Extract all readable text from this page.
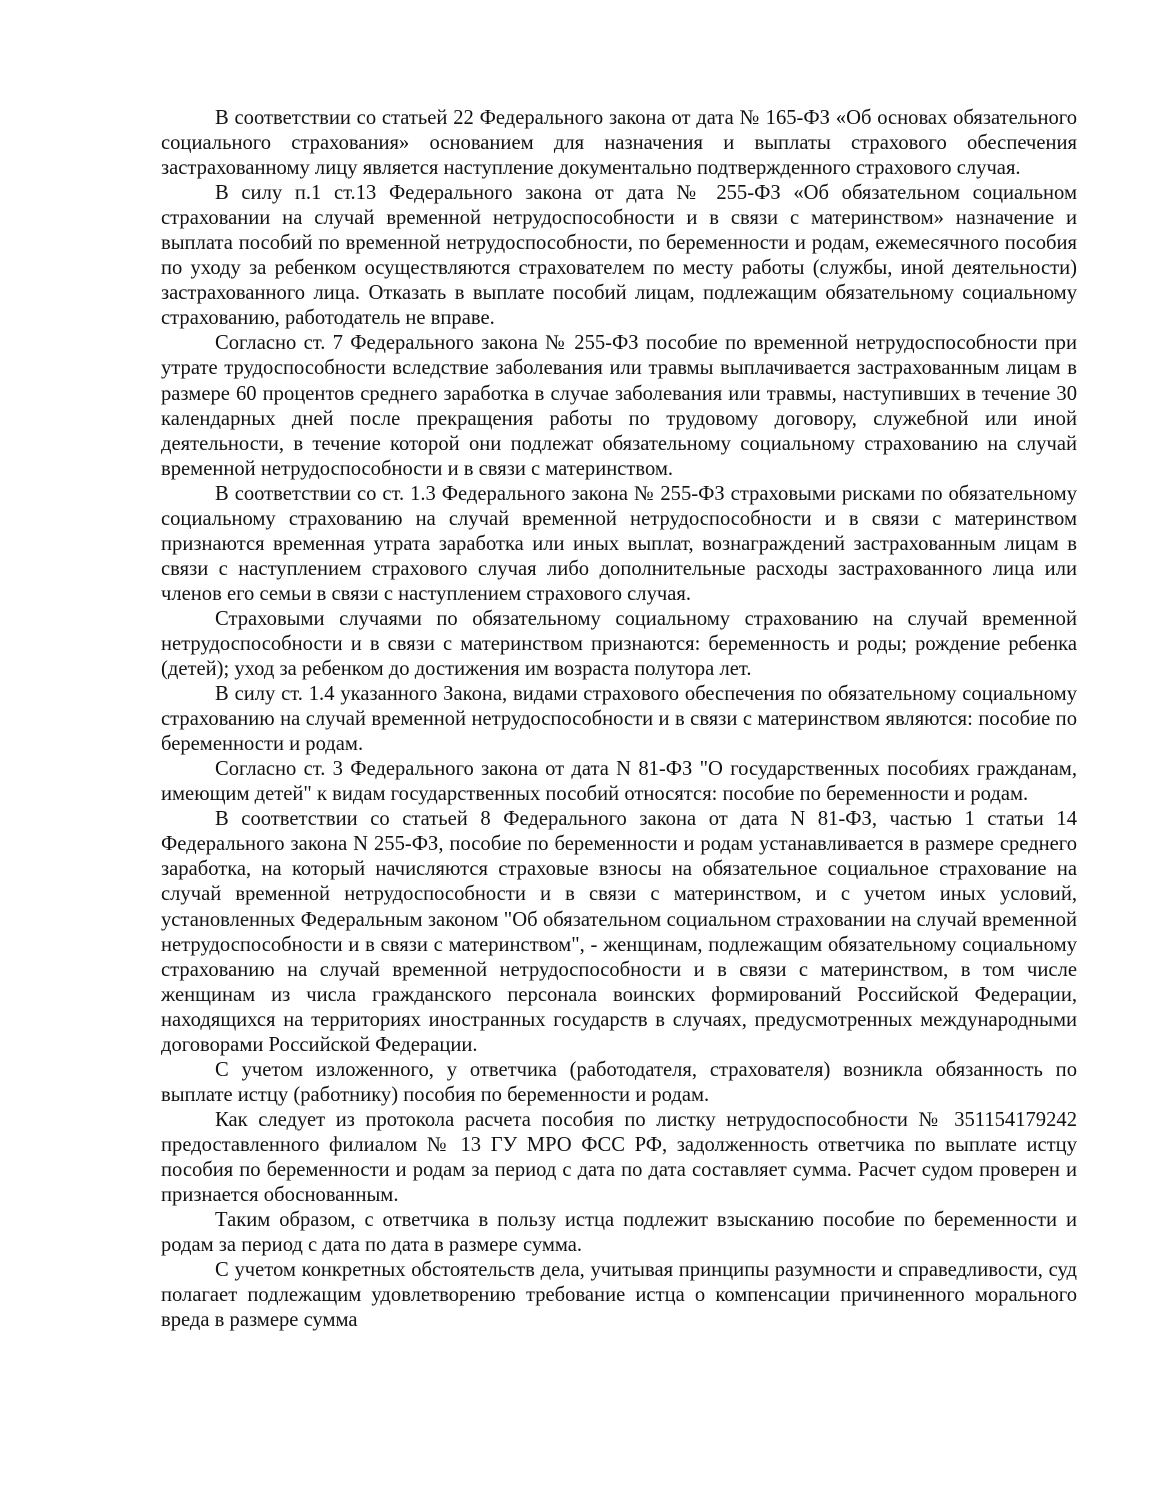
В соответствии со статьей 22 Федерального закона от дата № 165-ФЗ «Об основах обязательного социального страхования» основанием для назначения и выплаты страхового обеспечения застрахованному лицу является наступление документально подтвержденного страхового случая.

В силу п.1 ст.13 Федерального закона от дата № 255-ФЗ «Об обязательном социальном страховании на случай временной нетрудоспособности и в связи с материнством» назначение и выплата пособий по временной нетрудоспособности, по беременности и родам, ежемесячного пособия по уходу за ребенком осуществляются страхователем по месту работы (службы, иной деятельности) застрахованного лица. Отказать в выплате пособий лицам, подлежащим обязательному социальному страхованию, работодатель не вправе.

Согласно ст. 7 Федерального закона № 255-ФЗ пособие по временной нетрудоспособности при утрате трудоспособности вследствие заболевания или травмы выплачивается застрахованным лицам в размере 60 процентов среднего заработка в случае заболевания или травмы, наступивших в течение 30 календарных дней после прекращения работы по трудовому договору, служебной или иной деятельности, в течение которой они подлежат обязательному социальному страхованию на случай временной нетрудоспособности и в связи с материнством.

В соответствии со ст. 1.3 Федерального закона № 255-ФЗ страховыми рисками по обязательному социальному страхованию на случай временной нетрудоспособности и в связи с материнством признаются временная утрата заработка или иных выплат, вознаграждений застрахованным лицам в связи с наступлением страхового случая либо дополнительные расходы застрахованного лица или членов его семьи в связи с наступлением страхового случая.

Страховыми случаями по обязательному социальному страхованию на случай временной нетрудоспособности и в связи с материнством признаются: беременность и роды; рождение ребенка (детей); уход за ребенком до достижения им возраста полутора лет.

В силу ст. 1.4 указанного Закона, видами страхового обеспечения по обязательному социальному страхованию на случай временной нетрудоспособности и в связи с материнством являются: пособие по беременности и родам.

Согласно ст. 3 Федерального закона от дата N 81-ФЗ "О государственных пособиях гражданам, имеющим детей" к видам государственных пособий относятся: пособие по беременности и родам.

В соответствии со статьей 8 Федерального закона от дата N 81-ФЗ, частью 1 статьи 14 Федерального закона N 255-ФЗ, пособие по беременности и родам устанавливается в размере среднего заработка, на который начисляются страховые взносы на обязательное социальное страхование на случай временной нетрудоспособности и в связи с материнством, и с учетом иных условий, установленных Федеральным законом "Об обязательном социальном страховании на случай временной нетрудоспособности и в связи с материнством", - женщинам, подлежащим обязательному социальному страхованию на случай временной нетрудоспособности и в связи с материнством, в том числе женщинам из числа гражданского персонала воинских формирований Российской Федерации, находящихся на территориях иностранных государств в случаях, предусмотренных международными договорами Российской Федерации.

С учетом изложенного, у ответчика (работодателя, страхователя) возникла обязанность по выплате истцу (работнику) пособия по беременности и родам.

Как следует из протокола расчета пособия по листку нетрудоспособности № 351154179242 предоставленного филиалом № 13 ГУ МРО ФСС РФ, задолженность ответчика по выплате истцу пособия по беременности и родам за период с дата по дата составляет сумма. Расчет судом проверен и признается обоснованным.

Таким образом, с ответчика в пользу истца подлежит взысканию пособие по беременности и родам за период с дата по дата в размере сумма.

С учетом конкретных обстоятельств дела, учитывая принципы разумности и справедливости, суд полагает подлежащим удовлетворению требование истца о компенсации причиненного морального вреда в размере сумма
